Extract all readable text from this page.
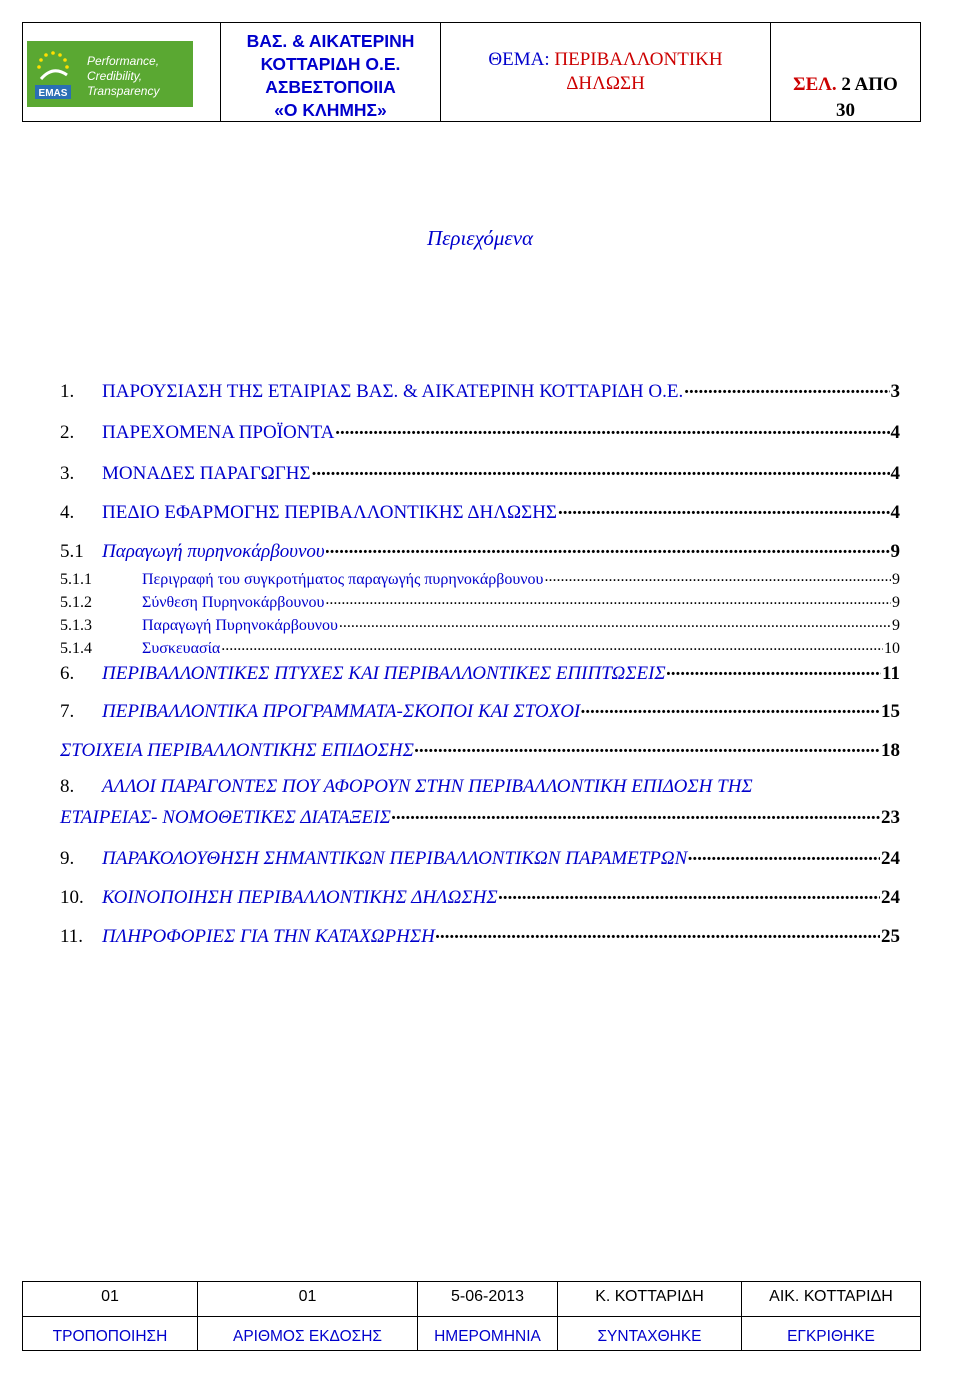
EMAS
Performance,
Credibility,
Transparency
ΒΑΣ. & ΑΙΚΑΤΕΡΙΝΗ
ΚΟΤΤΑΡΙΔΗ Ο.Ε.
ΑΣΒΕΣΤΟΠΟΙΙΑ
«Ο ΚΛΗΜΗΣ»
ΘΕΜΑ: ΠΕΡΙΒΑΛΛΟΝΤΙΚΗ
ΔΗΛΩΣΗ	ΣΕΛ. 2 ΑΠΟ
30
Περιεχόμενα
1.	ΠΑΡΟΥΣΙΑΣΗ ΤΗΣ ΕΤΑΙΡΙΑΣ ΒΑΣ. & ΑΙΚΑΤΕΡΙΝΗ ΚΟΤΤΑΡΙΔΗ Ο.Ε. .....	3
2.	ΠΑΡΕΧΟΜΕΝΑ ΠΡΟΪΟΝΤΑ .....	4
3.	ΜΟΝΑΔΕΣ ΠΑΡΑΓΩΓΗΣ .....	4
4.	ΠΕΔΙΟ ΕΦΑΡΜΟΓΗΣ ΠΕΡΙΒΑΛΛΟΝΤΙΚΗΣ ΔΗΛΩΣΗΣ .....	4
5.1 Παραγωγή πυρηνοκάρβουνου .....	9
5.1.1	Περιγραφή του συγκροτήματος παραγωγής πυρηνοκάρβουνου .....	9
5.1.2	Σύνθεση Πυρηνοκάρβουνου .....	9
5.1.3	Παραγωγή Πυρηνοκάρβουνου .....	9
5.1.4	Συσκευασία .....	10
6.	ΠΕΡΙΒΑΛΛΟΝΤΙΚΕΣ ΠΤΥΧΕΣ ΚΑΙ ΠΕΡΙΒΑΛΛΟΝΤΙΚΕΣ ΕΠΙΠΤΩΣΕΙΣ .....	11
7.	ΠΕΡΙΒΑΛΛΟΝΤΙΚΑ ΠΡΟΓΡΑΜΜΑΤΑ-ΣΚΟΠΟΙ ΚΑΙ ΣΤΟΧΟΙ .....	15
ΣΤΟΙΧΕΙΑ ΠΕΡΙΒΑΛΛΟΝΤΙΚΗΣ ΕΠΙΔΟΣΗΣ .....	18
8.	ΑΛΛΟΙ ΠΑΡΑΓΟΝΤΕΣ ΠΟΥ ΑΦΟΡΟΥΝ ΣΤΗΝ ΠΕΡΙΒΑΛΛΟΝΤΙΚΗ ΕΠΙΔΟΣΗ ΤΗΣ
ΕΤΑΙΡΕΙΑΣ- ΝΟΜΟΘΕΤΙΚΕΣ ΔΙΑΤΑΞΕΙΣ .....	23
9.	ΠΑΡΑΚΟΛΟΥΘΗΣΗ ΣΗΜΑΝΤΙΚΩΝ ΠΕΡΙΒΑΛΛΟΝΤΙΚΩΝ ΠΑΡΑΜΕΤΡΩΝ .....	24
10. ΚΟΙΝΟΠΟΙΗΣΗ ΠΕΡΙΒΑΛΛΟΝΤΙΚΗΣ ΔΗΛΩΣΗΣ .....	24
11. ΠΛΗΡΟΦΟΡΙΕΣ ΓΙΑ ΤΗΝ ΚΑΤΑΧΩΡΗΣΗ .....	25
01	01	5-06-2013	Κ. ΚΟΤΤΑΡΙΔΗ	ΑΙΚ. ΚΟΤΤΑΡΙΔΗ
ΤΡΟΠΟΠΟΙΗΣΗ	ΑΡΙΘΜΟΣ ΕΚΔΟΣΗΣ	ΗΜΕΡΟΜΗΝΙΑ	ΣΥΝΤΑΧΘΗΚΕ	ΕΓΚΡΙΘΗΚΕ
